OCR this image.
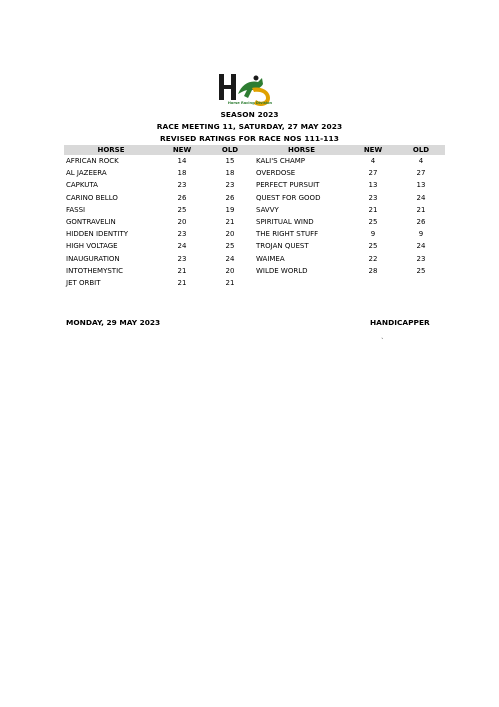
Horse Racing Division
SEASON 2023
RACE MEETING 11, SATURDAY, 27 MAY 2023
REVISED RATINGS FOR RACE NOS 111-113
HORSE	NEW	OLD	HORSE	NEW	OLD
AFRICAN ROCK	14	15	KALI'S CHAMP	4	4
AL JAZEERA	18	18	OVERDOSE	27	27
CAPKUTA	23	23	PERFECT PURSUIT	13	13
CARINO BELLO	26	26	QUEST FOR GOOD	23	24
FASSI	25	19	SAVVY	21	21
GONTRAVELIN	20	21	SPIRITUAL WIND	25	26
HIDDEN IDENTITY	23	20	THE RIGHT STUFF	9	9
HIGH VOLTAGE	24	25	TROJAN QUEST	25	24
INAUGURATION	23	24	WAIMEA	22	23
INTOTHEMYSTIC	21	20	WILDE WORLD	28	25
JET ORBIT	21	21			
MONDAY, 29 MAY 2023	HANDICAPPER
`
